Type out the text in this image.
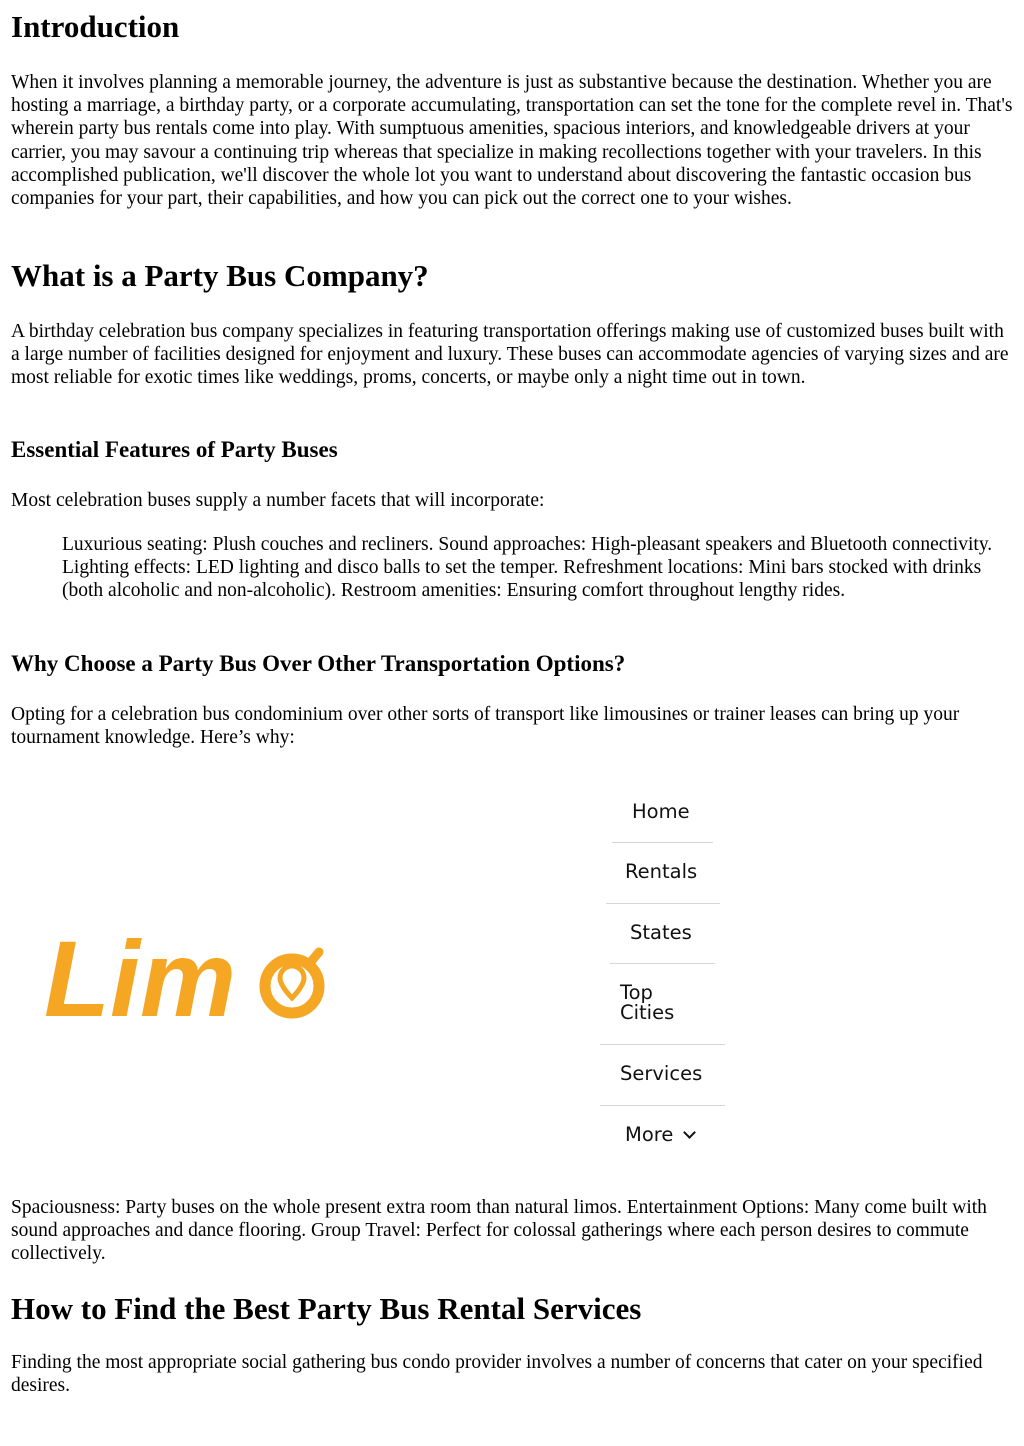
Introduction

When it involves planning a memorable journey, the adventure is just as substantive because the destination. Whether you are hosting a marriage, a birthday party, or a corporate accumulating, transportation can set the tone for the complete revel in. That's wherein party bus rentals come into play. With sumptuous amenities, spacious interiors, and knowledgeable drivers at your carrier, you may savour a continuing trip whereas that specialize in making recollections together with your travelers. In this accomplished publication, we'll discover the whole lot you want to understand about discovering the fantastic occasion bus companies for your part, their capabilities, and how you can pick out the correct one to your wishes.

What is a Party Bus Company?

A birthday celebration bus company specializes in featuring transportation offerings making use of customized buses built with a large number of facilities designed for enjoyment and luxury. These buses can accommodate agencies of varying sizes and are most reliable for exotic times like weddings, proms, concerts, or maybe only a night time out in town.

Essential Features of Party Buses

Most celebration buses supply a number facets that will incorporate:

Luxurious seating: Plush couches and recliners. Sound approaches: High-pleasant speakers and Bluetooth connectivity. Lighting effects: LED lighting and disco balls to set the temper. Refreshment locations: Mini bars stocked with drinks (both alcoholic and non-alcoholic). Restroom amenities: Ensuring comfort throughout lengthy rides.

Why Choose a Party Bus Over Other Transportation Options?

Opting for a celebration bus condominium over other sorts of transport like limousines or trainer leases can bring up your tournament knowledge. Here’s why:

Spaciousness: Party buses on the whole present extra room than natural limos. Entertainment Options: Many come built with sound approaches and dance flooring. Group Travel: Perfect for colossal gatherings where each person desires to commute collectively.

How to Find the Best Party Bus Rental Services

Finding the most appropriate social gathering bus condo provider involves a number of concerns that cater on your specified desires.

Lim
Home
Rentals
States
Top
Cities
Services
More
